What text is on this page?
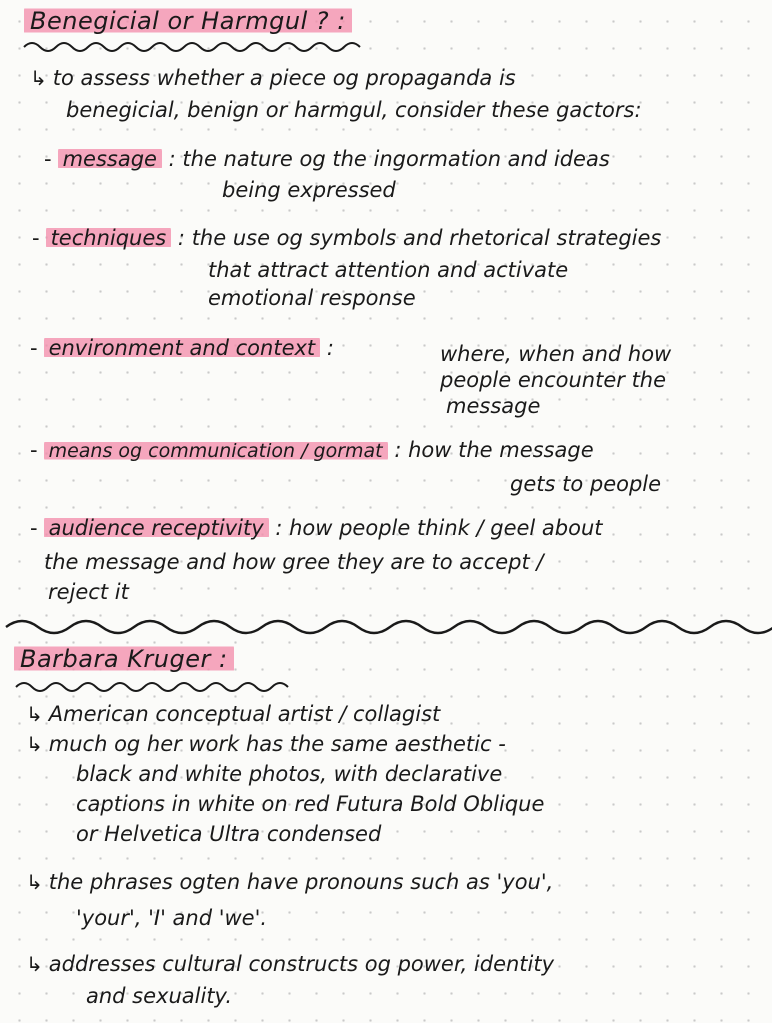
Benegicial or Harmgul ? :
↳ to assess whether a piece og propaganda is
benegicial, benign or harmgul, consider these gactors:
- message : the nature og the ingormation and ideas
being expressed
- techniques : the use og symbols and rhetorical strategies
that attract attention and activate
emotional response
- environment and context :	where, when and how
people encounter the
message
- means og communication / gormat : how the message
gets to people
- audience receptivity : how people think / geel about
the message and how gree they are to accept /
reject it
Barbara Kruger :
↳ American conceptual artist / collagist
↳ much og her work has the same aesthetic -
black and white photos, with declarative
captions in white on red Futura Bold Oblique
or Helvetica Ultra condensed
↳ the phrases ogten have pronouns such as 'you',
'your', 'I' and 'we'.
↳ addresses cultural constructs og power, identity
and sexuality.
